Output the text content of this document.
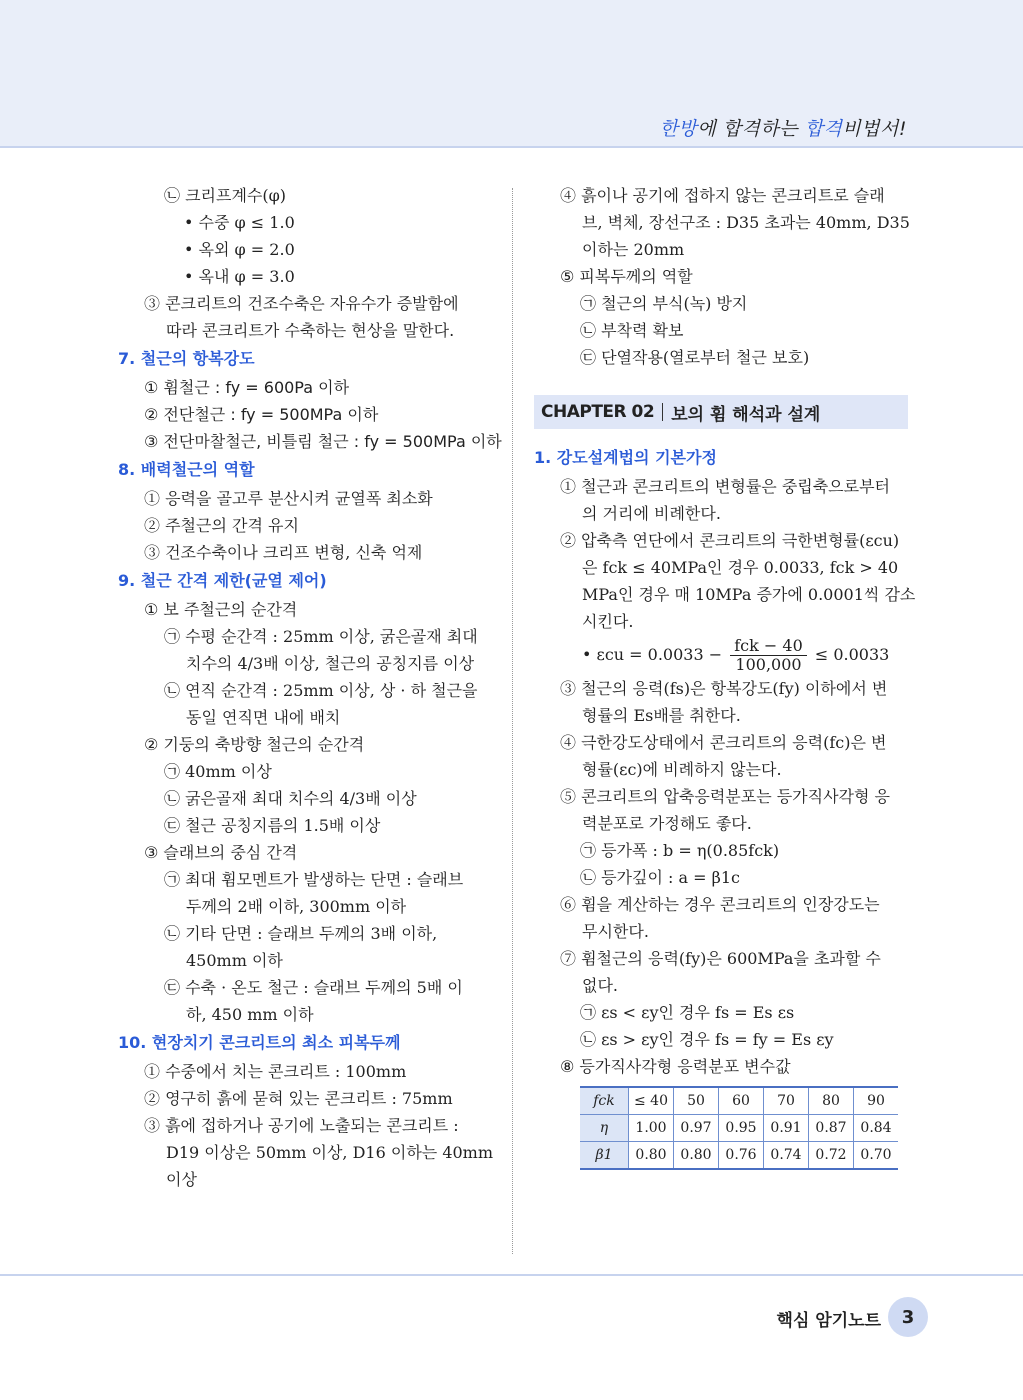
한방에 합격하는 합격비법서!
㉡ 크리프계수(φ)
• 수중 φ ≤ 1.0
• 옥외 φ = 2.0
• 옥내 φ = 3.0
③ 콘크리트의 건조수축은 자유수가 증발함에
따라 콘크리트가 수축하는 현상을 말한다.
7. 철근의 항복강도
① 휨철근 : fy = 600Pa 이하
② 전단철근 : fy = 500MPa 이하
③ 전단마찰철근, 비틀림 철근 : fy = 500MPa 이하
8. 배력철근의 역할
① 응력을 골고루 분산시켜 균열폭 최소화
② 주철근의 간격 유지
③ 건조수축이나 크리프 변형, 신축 억제
9. 철근 간격 제한(균열 제어)
① 보 주철근의 순간격
㉠ 수평 순간격 : 25mm 이상, 굵은골재 최대
치수의 4/3배 이상, 철근의 공칭지름 이상
㉡ 연직 순간격 : 25mm 이상, 상 · 하 철근을
동일 연직면 내에 배치
② 기둥의 축방향 철근의 순간격
㉠ 40mm 이상
㉡ 굵은골재 최대 치수의 4/3배 이상
㉢ 철근 공칭지름의 1.5배 이상
③ 슬래브의 중심 간격
㉠ 최대 휨모멘트가 발생하는 단면 : 슬래브
두께의 2배 이하, 300mm 이하
㉡ 기타 단면 : 슬래브 두께의 3배 이하,
450mm 이하
㉢ 수축 · 온도 철근 : 슬래브 두께의 5배 이
하, 450 mm 이하
10. 현장치기 콘크리트의 최소 피복두께
① 수중에서 치는 콘크리트 : 100mm
② 영구히 흙에 묻혀 있는 콘크리트 : 75mm
③ 흙에 접하거나 공기에 노출되는 콘크리트 :
D19 이상은 50mm 이상, D16 이하는 40mm
이상
④ 흙이나 공기에 접하지 않는 콘크리트로 슬래
브, 벽체, 장선구조 : D35 초과는 40mm, D35
이하는 20mm
⑤ 피복두께의 역할
㉠ 철근의 부식(녹) 방지
㉡ 부착력 확보
㉢ 단열작용(열로부터 철근 보호)
CHAPTER 02 보의 휨 해석과 설계
1. 강도설계법의 기본가정
① 철근과 콘크리트의 변형률은 중립축으로부터
의 거리에 비례한다.
② 압축측 연단에서 콘크리트의 극한변형률(εcu)
은 fck ≤ 40MPa인 경우 0.0033, fck > 40
MPa인 경우 매 10MPa 증가에 0.0001씩 감소
시킨다.
• $\varepsilon cu = 0.0033 - \frac{\text{fck − 40}}{100,000} \le 0.0033$
③ 철근의 응력(fs)은 항복강도(fy) 이하에서 변
형률의 Es배를 취한다.
④ 극한강도상태에서 콘크리트의 응력(fc)은 변
형률(εc)에 비례하지 않는다.
⑤ 콘크리트의 압축응력분포는 등가직사각형 응
력분포로 가정해도 좋다.
㉠ 등가폭 : b = η(0.85fck)
㉡ 등가깊이 : a = β1c
⑥ 휨을 계산하는 경우 콘크리트의 인장강도는
무시한다.
⑦ 휨철근의 응력(fy)은 600MPa을 초과할 수
없다.
㉠ εs < εy인 경우 fs = Es εs
㉡ εs > εy인 경우 fs = fy = Es εy
⑧ 등가직사각형 응력분포 변수값
fck	≤ 40	50	60	70	80	90
η	1.00	0.97	0.95	0.91	0.87	0.84
β1	0.80	0.80	0.76	0.74	0.72	0.70
핵심 암기노트	3
